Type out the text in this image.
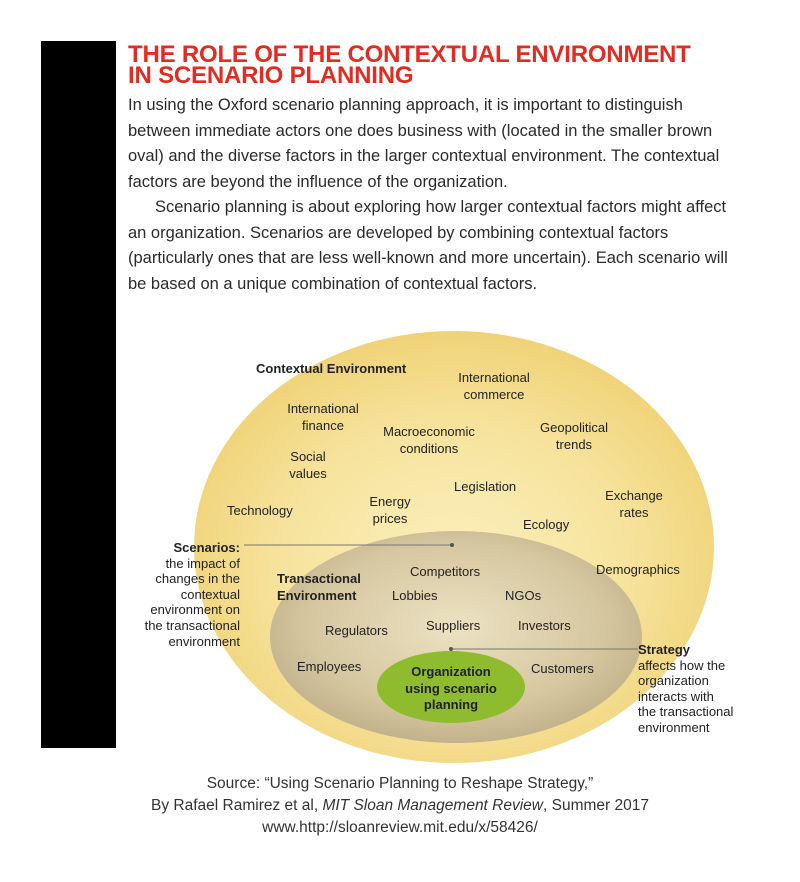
THE ROLE OF THE CONTEXTUAL ENVIRONMENT
IN SCENARIO PLANNING

In using the Oxford scenario planning approach, it is important to distinguish between immediate actors one does business with (located in the smaller brown oval) and the diverse factors in the larger contextual environment. The contextual factors are beyond the influence of the organization.

Scenario planning is about exploring how larger contextual factors might affect an organization. Scenarios are developed by combining contextual factors (particularly ones that are less well-known and more uncertain). Each scenario will be based on a unique combination of contextual factors.

Contextual Environment
International
commerce
International
finance	Macroeconomic
conditions
Geopolitical
trends
Social
values
Legislation
Technology
Energy
prices
Exchange
rates
Ecology
Demographics
Transactional
Environment
Competitors
Lobbies	NGOs
Regulators	Suppliers	Investors
Employees	Customers
Organization
using scenario
planning
Scenarios:
the impact of
changes in the
contextual
environment on
the transactional
environment
Strategy
affects how the
organization
interacts with
the transactional
environment
Source: “Using Scenario Planning to Reshape Strategy,”
By Rafael Ramirez et al, MIT Sloan Management Review, Summer 2017
www.http://sloanreview.mit.edu/x/58426/
